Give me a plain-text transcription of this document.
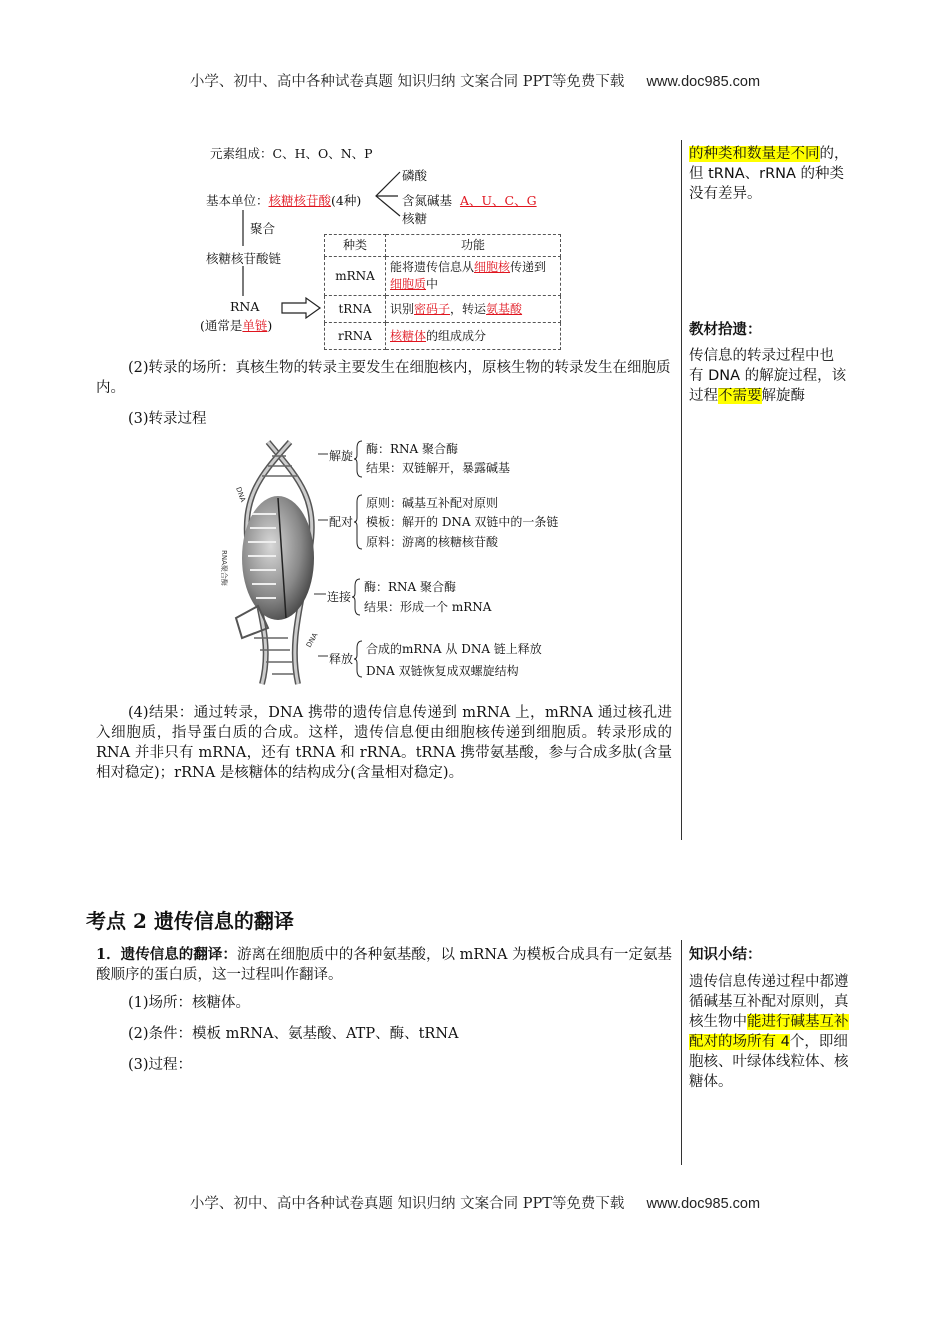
小学、初中、高中各种试卷真题 知识归纳 文案合同 PPT等免费下载 www.doc985.com
元素组成：C、H、O、N、P
基本单位：核糖核苷酸(4种)
磷酸
含氮碱基 A、U、C、G
核糖
聚合
核糖核苷酸链
RNA
(通常是单链)
种类	功能
mRNA	能将遗传信息从细胞核传递到
细胞质中
tRNA	识别密码子，转运氨基酸
rRNA	核糖体的组成成分
的种类和数量是不同的，但 tRNA、rRNA 的种类没有差异。
(2)转录的场所：真核生物的转录主要发生在细胞核内，原核生物的转录发生在细胞质内。
教材拾遗：
传信息的转录过程中也有 DNA 的解旋过程，该过程不需要解旋酶
(3)转录过程
DNA
RNA聚合酶
DNA
解旋 酶：RNA 聚合酶
结果：双链解开，暴露碱基
配对
原则：碱基互补配对原则
模板：解开的 DNA 双链中的一条链
原料：游离的核糖核苷酸
连接
酶：RNA 聚合酶
结果：形成一个 mRNA
释放
合成的mRNA 从 DNA 链上释放
DNA 双链恢复成双螺旋结构
(4)结果：通过转录，DNA 携带的遗传信息传递到 mRNA 上，mRNA 通过核孔进入细胞质，指导蛋白质的合成。这样，遗传信息便由细胞核传递到细胞质。转录形成的 RNA 并非只有 mRNA，还有 tRNA 和 rRNA。tRNA 携带氨基酸，参与合成多肽(含量相对稳定)；rRNA 是核糖体的结构成分(含量相对稳定)。
考点 2 遗传信息的翻译
1．遗传信息的翻译：游离在细胞质中的各种氨基酸，以 mRNA 为模板合成具有一定氨基酸顺序的蛋白质，这一过程叫作翻译。
(1)场所：核糖体。
(2)条件：模板 mRNA、氨基酸、ATP、酶、tRNA
(3)过程：
知识小结：
遗传信息传递过程中都遵循碱基互补配对原则，真核生物中能进行碱基互补配对的场所有 4个，即细胞核、叶绿体线粒体、核糖体。
小学、初中、高中各种试卷真题 知识归纳 文案合同 PPT等免费下载 www.doc985.com
